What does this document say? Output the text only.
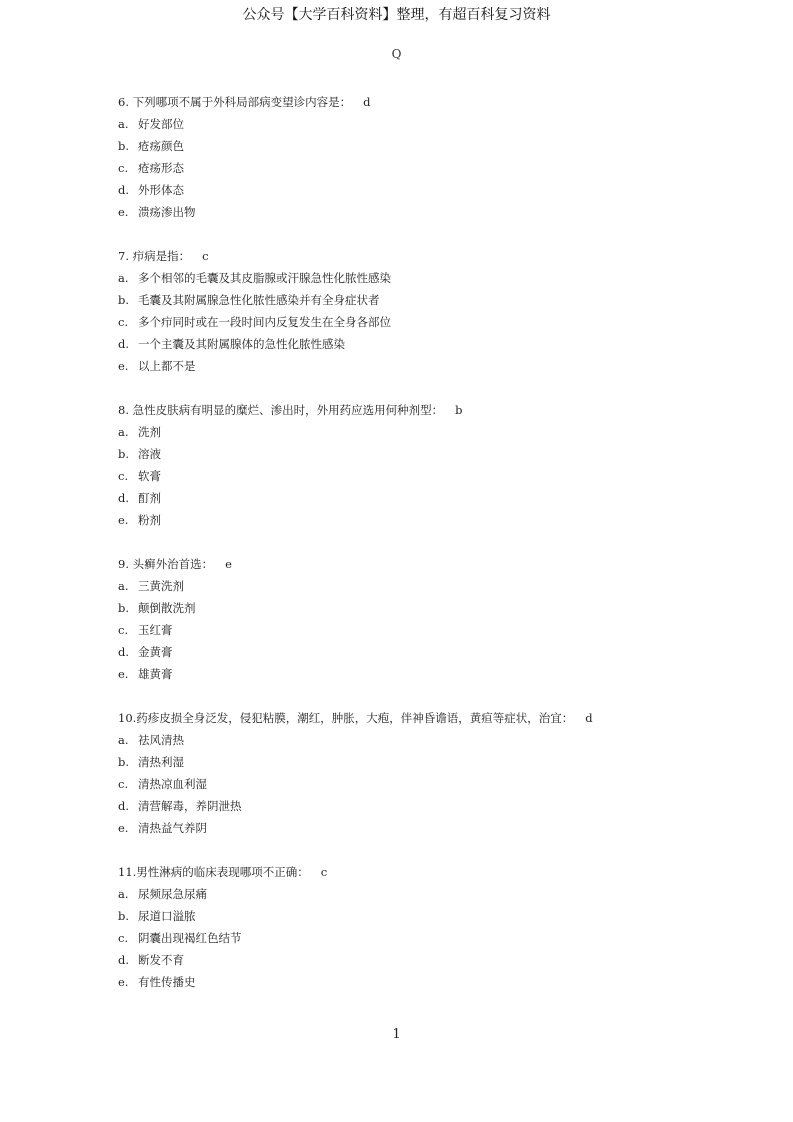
公众号【大学百科资料】整理，有超百科复习资料
Q
6. 下列哪项不属于外科局部病变望诊内容是： d
a. 好发部位
b. 疮疡颜色
c. 疮疡形态
d. 外形体态
e. 溃疡渗出物
7. 疖病是指： c
a. 多个相邻的毛囊及其皮脂腺或汗腺急性化脓性感染
b. 毛囊及其附属腺急性化脓性感染并有全身症状者
c. 多个疖同时或在一段时间内反复发生在全身各部位
d. 一个主囊及其附属腺体的急性化脓性感染
e. 以上都不是
8. 急性皮肤病有明显的糜烂、渗出时，外用药应选用何种剂型： b
a. 洗剂
b. 溶液
c. 软膏
d. 酊剂
e. 粉剂
9. 头癣外治首选： e
a. 三黄洗剂
b. 颠倒散洗剂
c. 玉红膏
d. 金黄膏
e. 雄黄膏
10.药疹皮损全身泛发，侵犯粘膜，潮红，肿胀，大疱，伴神昏谵语，黄疸等症状，治宜： d
a. 祛风清热
b. 清热利湿
c. 清热凉血利湿
d. 清营解毒，养阴泄热
e. 清热益气养阴
11.男性淋病的临床表现哪项不正确： c
a. 尿频尿急尿痛
b. 尿道口溢脓
c. 阴囊出现褐红色结节
d. 断发不育
e. 有性传播史
1
